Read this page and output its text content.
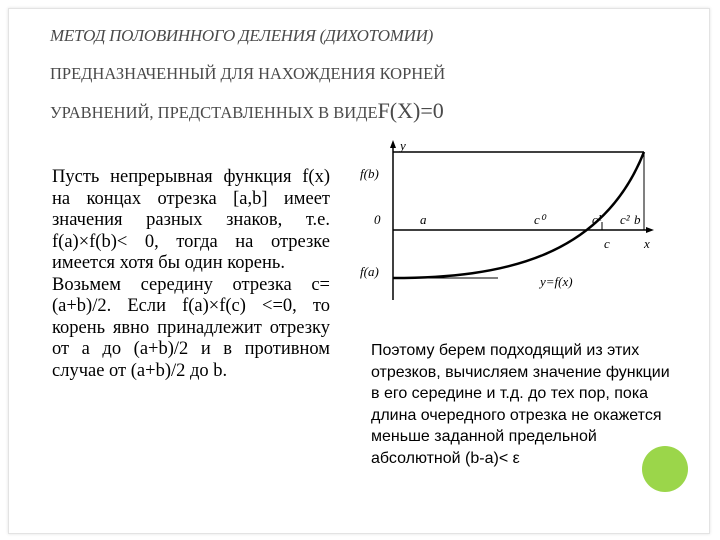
МЕТОД ПОЛОВИННОГО ДЕЛЕНИЯ (ДИХОТОМИИ)
ПРЕДНАЗНАЧЕННЫЙ ДЛЯ НАХОЖДЕНИЯ КОРНЕЙ
УРАВНЕНИЙ, ПРЕДСТАВЛЕННЫХ В ВИДЕF(X)=0

Пусть непрерывная функция f(x) на концах отрезка [a,b] имеет значения разных знаков, т.е. f(a)×f(b)< 0, тогда на отрезке имеется хотя бы один корень.

Возьмем середину отрезка c=(a+b)/2. Если f(a)×f(c) <=0, то корень явно принадлежит отрезку от a до (a+b)/2 и в противном случае от (a+b)/2 до b.

y
x
f(b)
0
f(a)
a	c⁰	c¹ c² b
c
y=f(x)
Поэтому берем подходящий из этих отрезков, вычисляем значение функции в его середине и т.д. до тех пор, пока длина очередного отрезка не окажется меньше заданной предельной абсолютной (b-a)< ε
